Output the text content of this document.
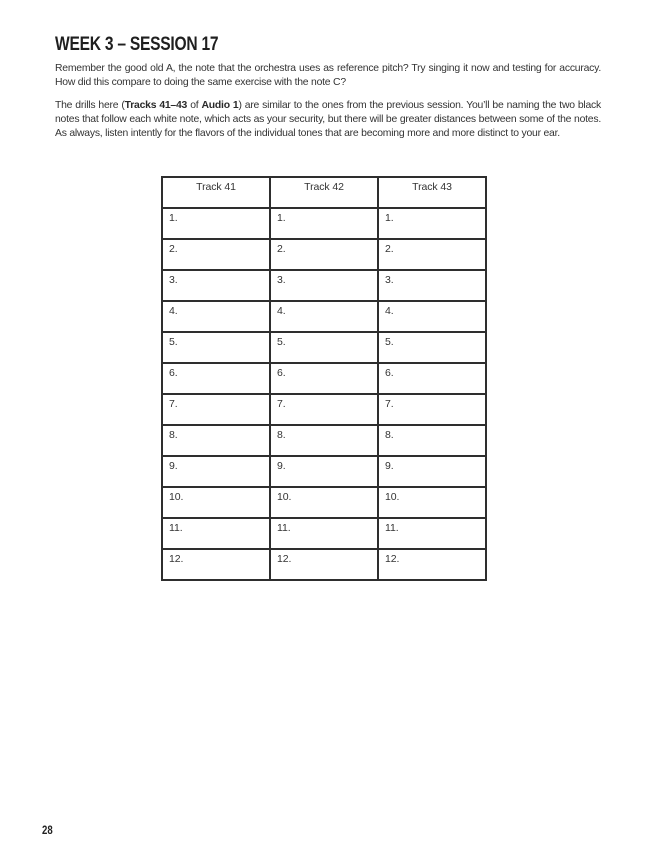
WEEK 3 – SESSION 17

Remember the good old A, the note that the orchestra uses as reference pitch? Try singing it now and testing for accuracy. How did this compare to doing the same exercise with the note C?

The drills here (Tracks 41–43 of Audio 1) are similar to the ones from the previous session. You’ll be naming the two black notes that follow each white note, which acts as your security, but there will be greater distances between some of the notes. As always, listen intently for the flavors of the individual tones that are becoming more and more distinct to your ear.

Track 41	Track 42	Track 43
1.	1.	1.
2.	2.	2.
3.	3.	3.
4.	4.	4.
5.	5.	5.
6.	6.	6.
7.	7.	7.
8.	8.	8.
9.	9.	9.
10.	10.	10.
11.	11.	11.
12.	12.	12.
28
